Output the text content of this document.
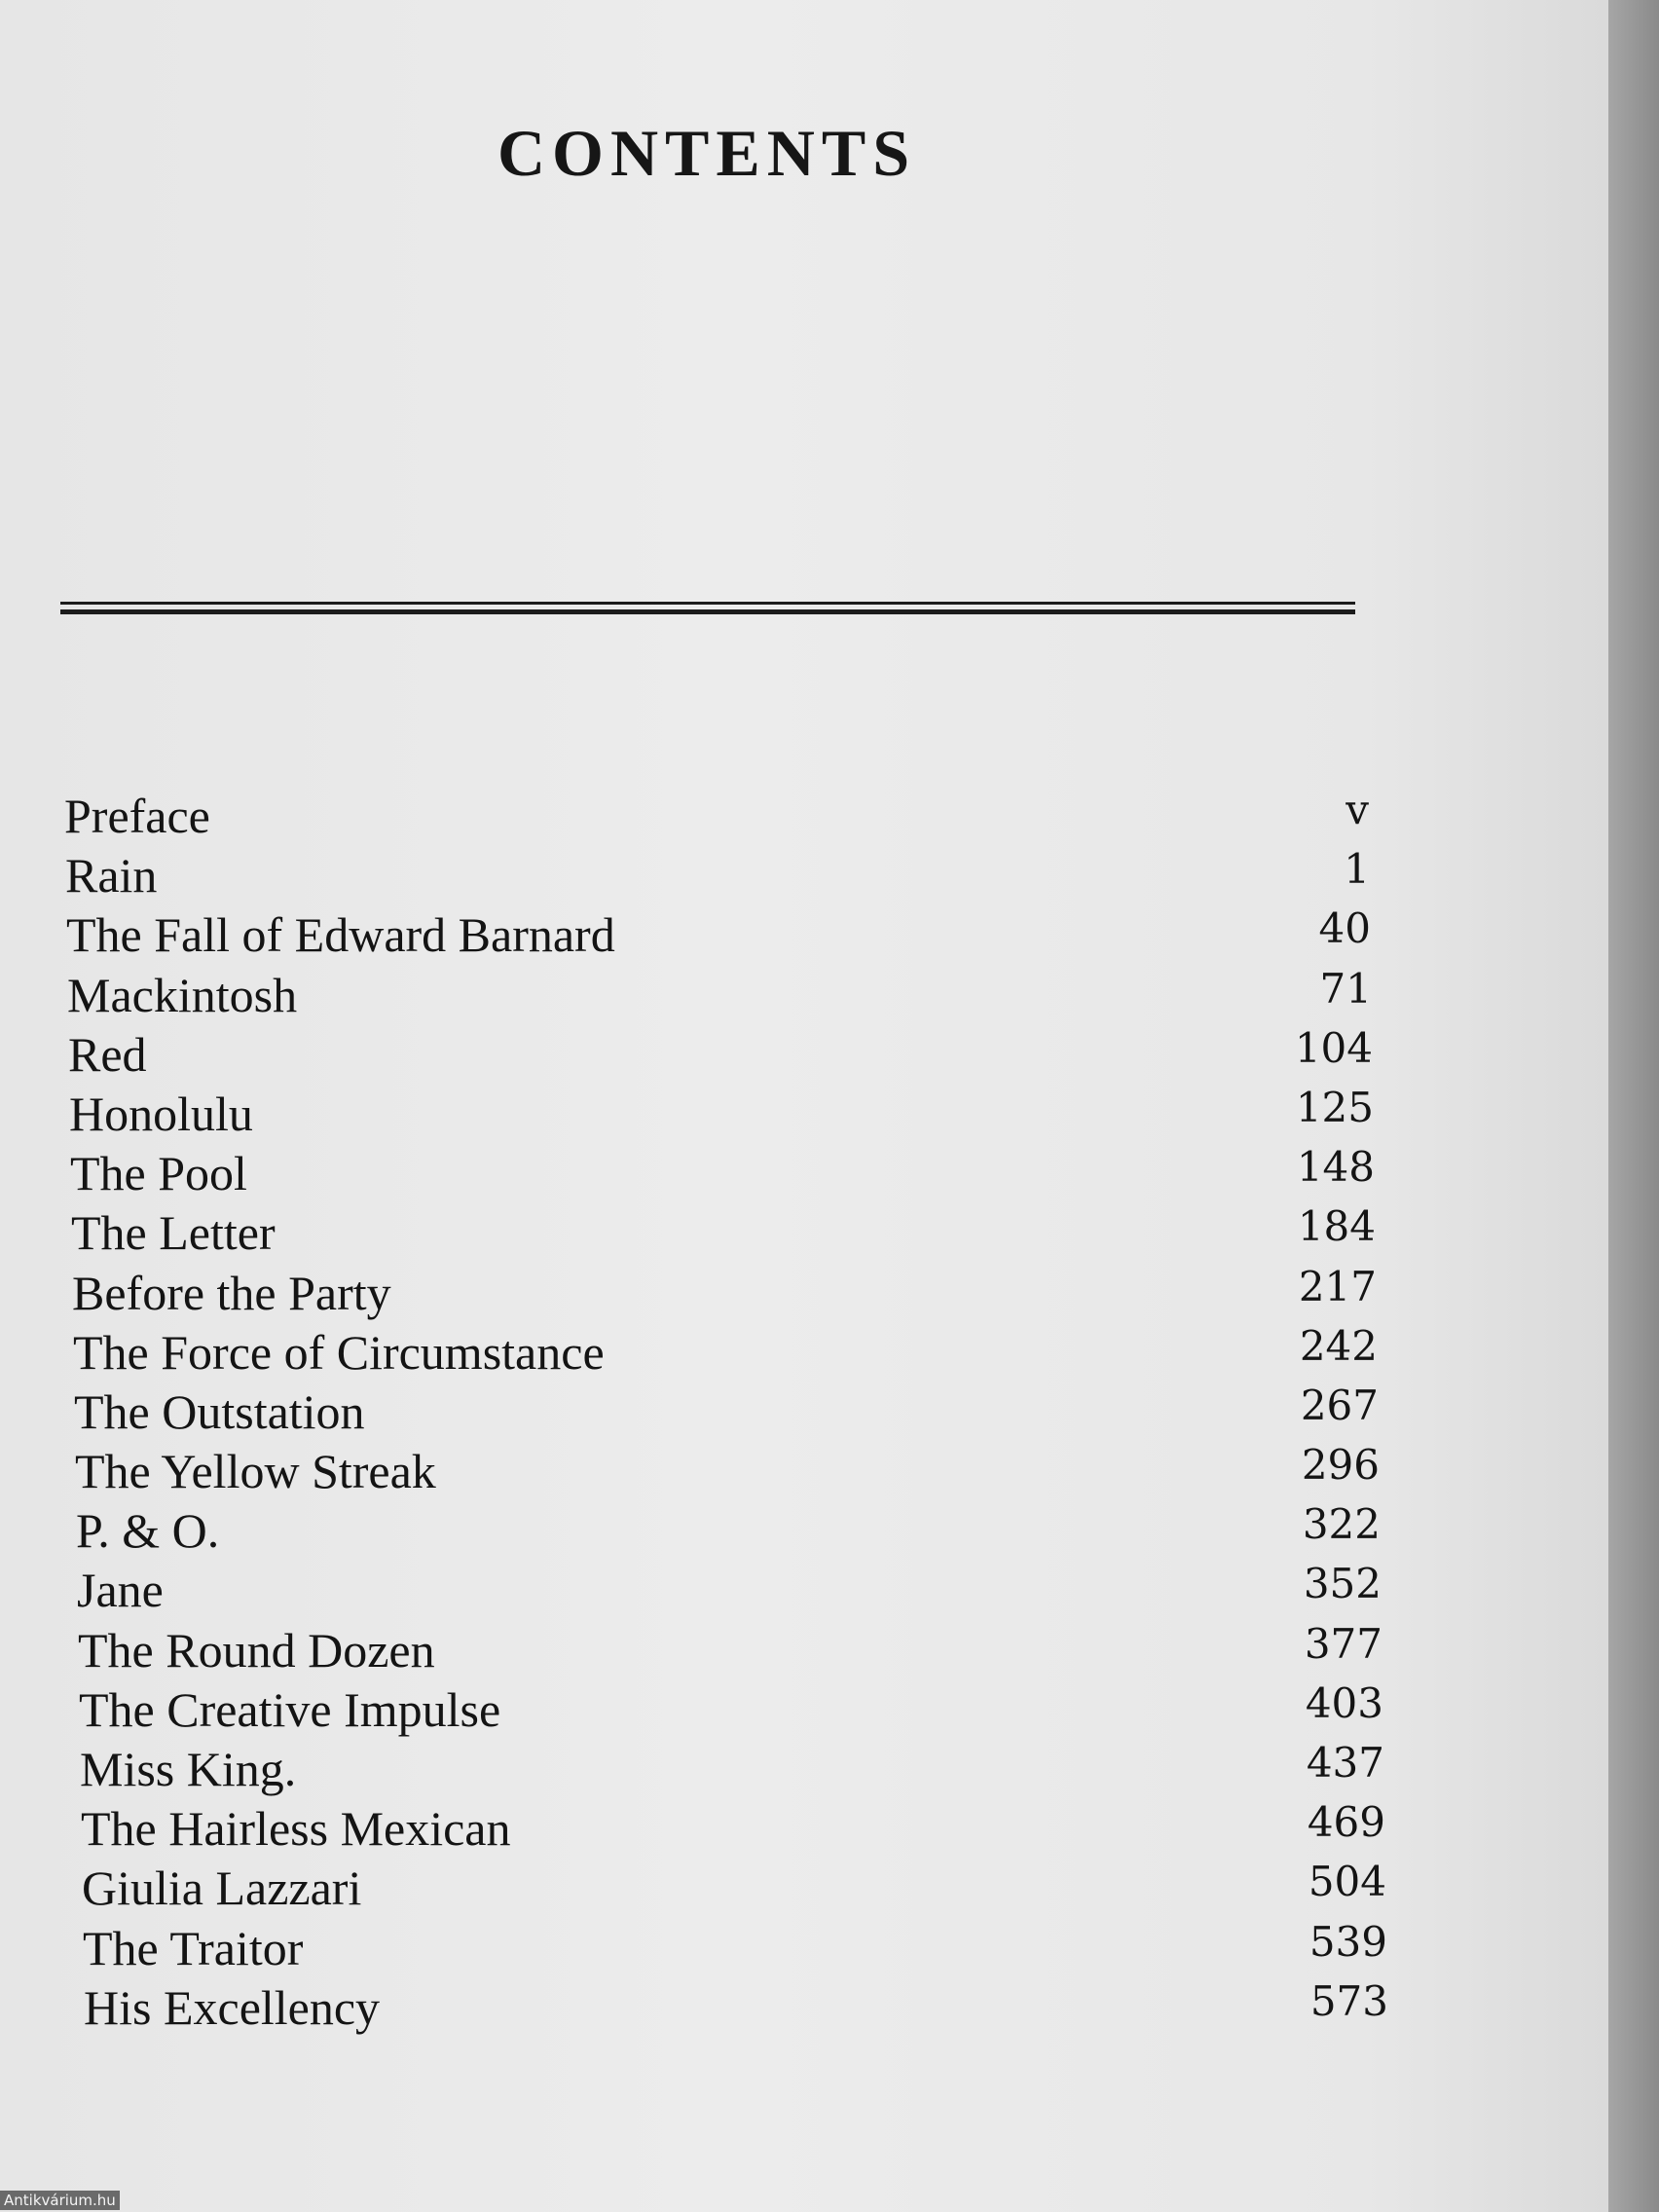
CONTENTS
Preface	v
Rain	1
The Fall of Edward Barnard	40
Mackintosh	71
Red	104
Honolulu	125
The Pool	148
The Letter	184
Before the Party	217
The Force of Circumstance	242
The Outstation	267
The Yellow Streak	296
P. & O.	322
Jane	352
The Round Dozen	377
The Creative Impulse	403
Miss King.	437
The Hairless Mexican	469
Giulia Lazzari	504
The Traitor	539
His Excellency	573
Antikvárium.hu
